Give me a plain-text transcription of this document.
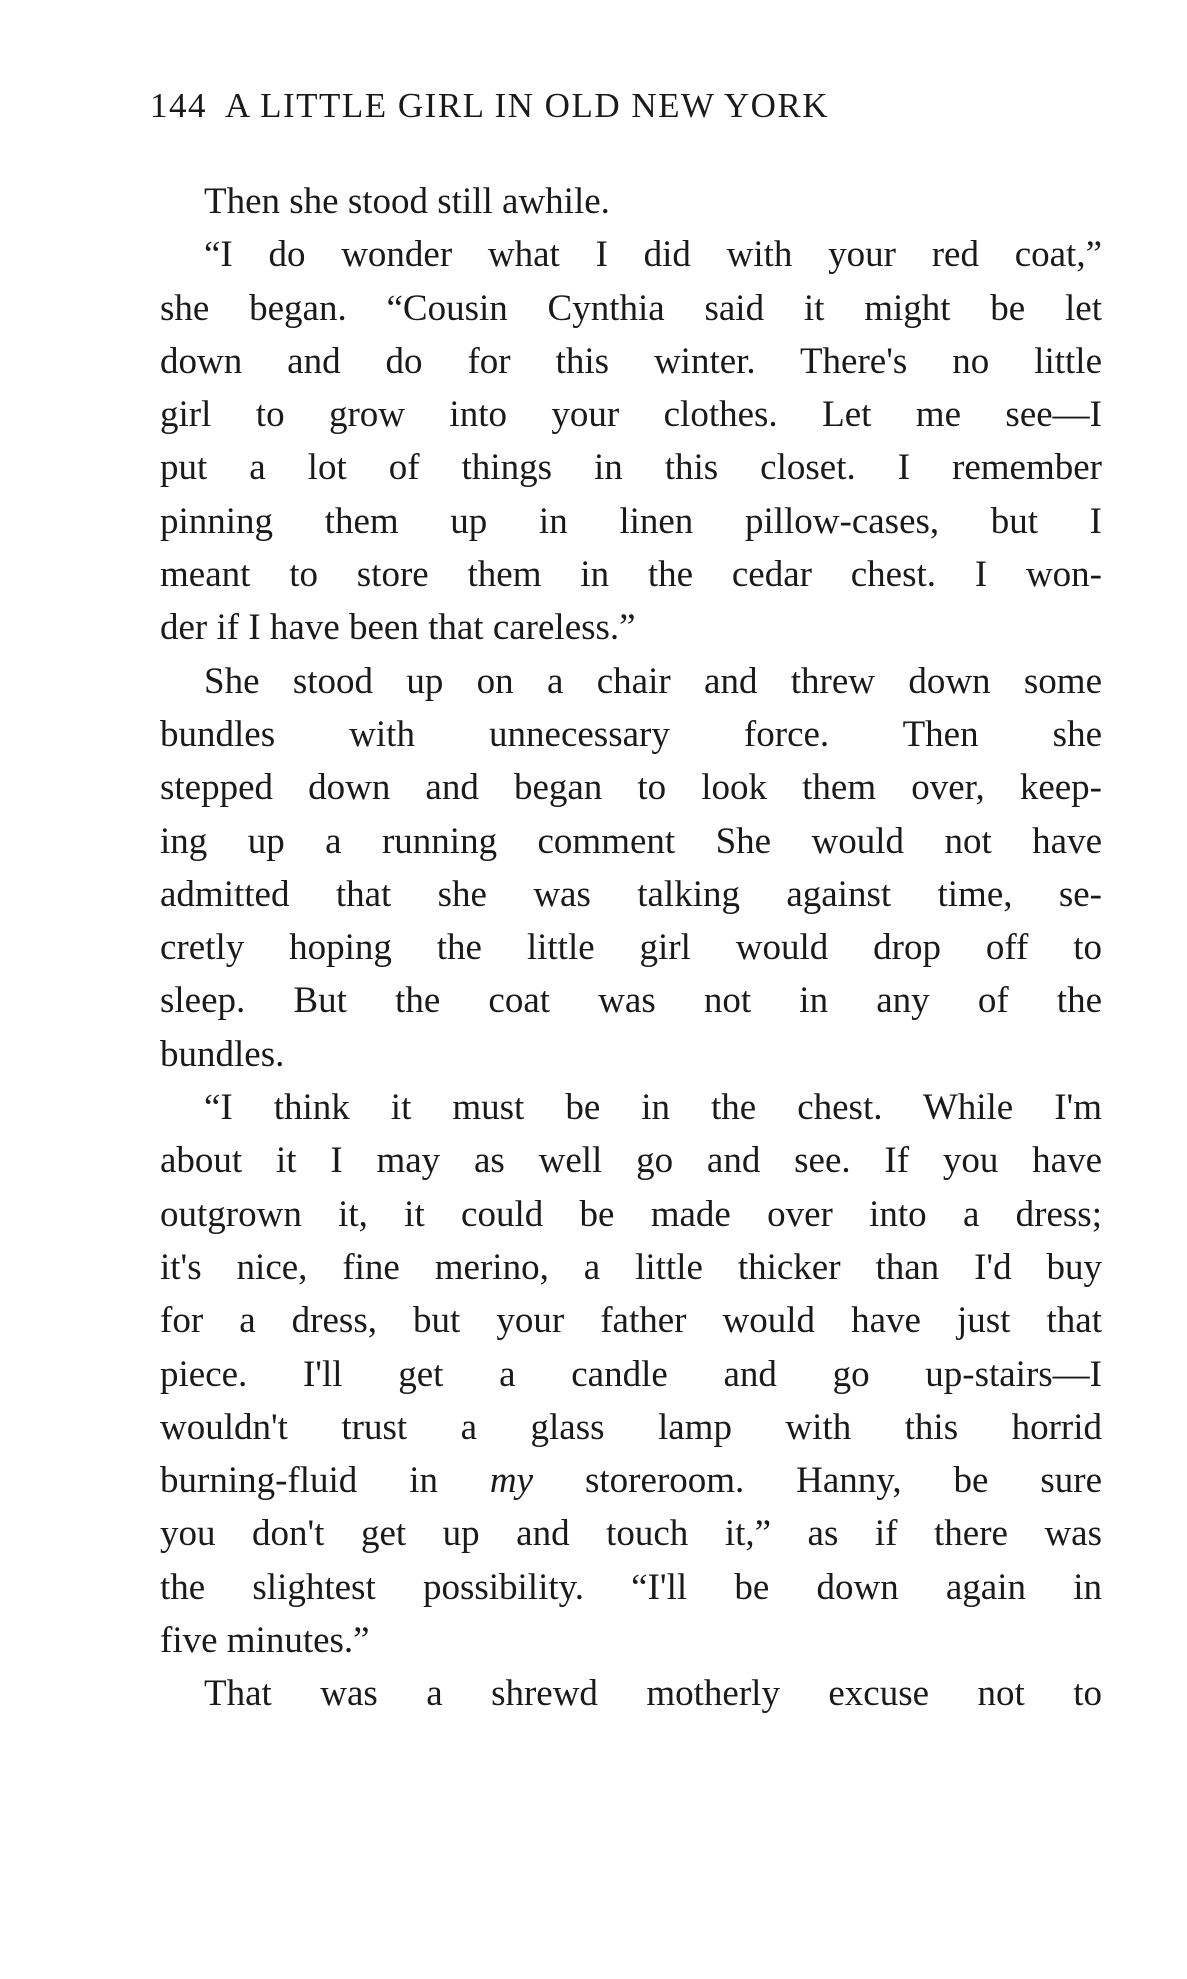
144 A LITTLE GIRL IN OLD NEW YORK
Then she stood still awhile.
“I do wonder what I did with your red coat,”
she began. “Cousin Cynthia said it might be let
down and do for this winter. There's no little
girl to grow into your clothes. Let me see—I
put a lot of things in this closet. I remember
pinning them up in linen pillow-cases, but I
meant to store them in the cedar chest. I won-
der if I have been that careless.”
She stood up on a chair and threw down some
bundles with unnecessary force. Then she
stepped down and began to look them over, keep-
ing up a running comment She would not have
admitted that she was talking against time, se-
cretly hoping the little girl would drop off to
sleep. But the coat was not in any of the
bundles.
“I think it must be in the chest. While I'm
about it I may as well go and see. If you have
outgrown it, it could be made over into a dress;
it's nice, fine merino, a little thicker than I'd buy
for a dress, but your father would have just that
piece. I'll get a candle and go up-stairs—I
wouldn't trust a glass lamp with this horrid
burning-fluid in my storeroom. Hanny, be sure
you don't get up and touch it,” as if there was
the slightest possibility. “I'll be down again in
five minutes.”
That was a shrewd motherly excuse not to
